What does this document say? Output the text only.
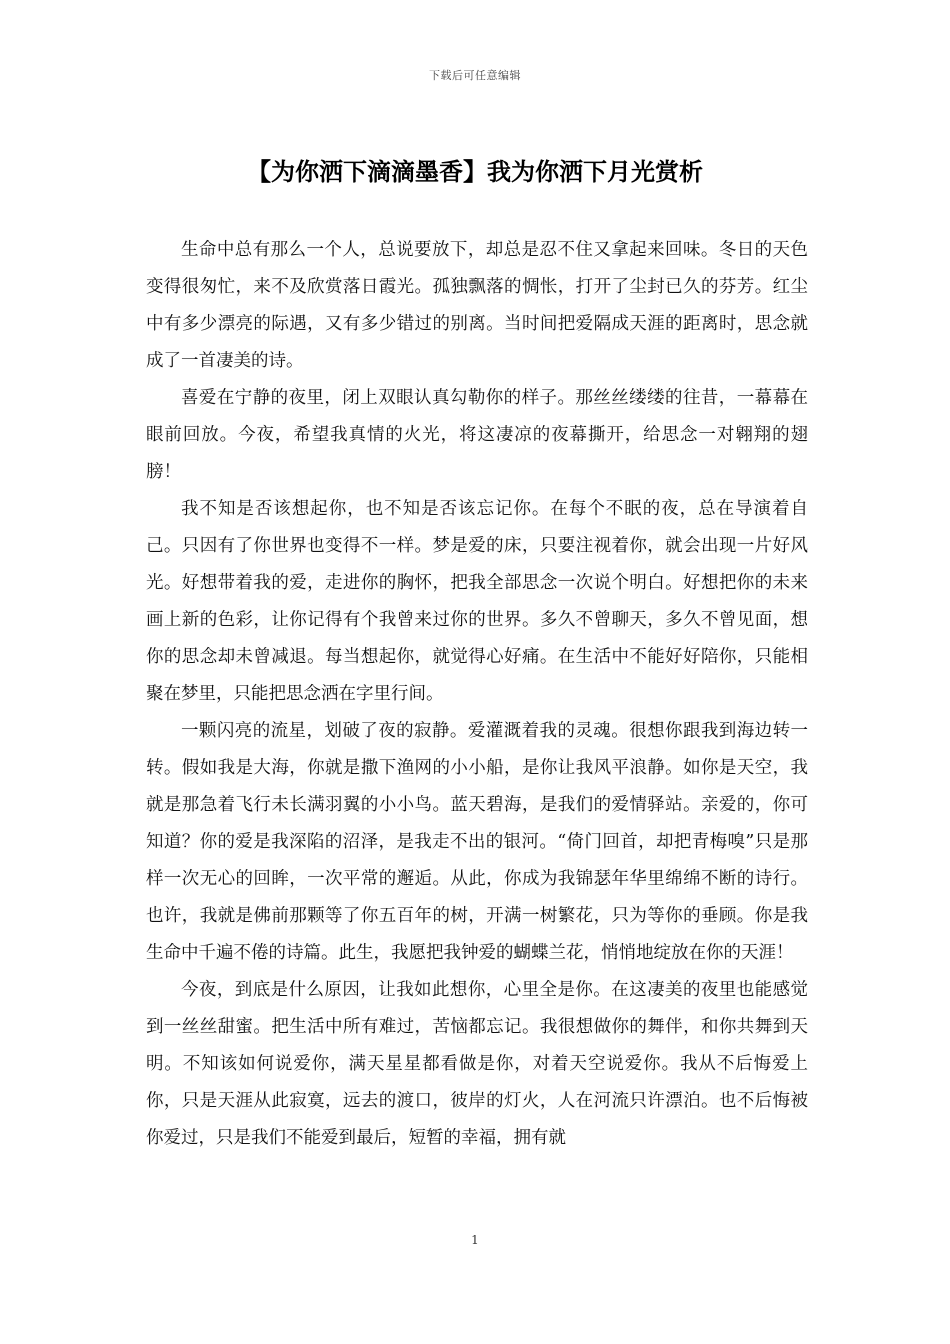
下载后可任意编辑
【为你洒下滴滴墨香】我为你洒下月光赏析

生命中总有那么一个人，总说要放下，却总是忍不住又拿起来回味。冬日的天色变得很匆忙，来不及欣赏落日霞光。孤独飘落的惆怅，打开了尘封已久的芬芳。红尘中有多少漂亮的际遇，又有多少错过的别离。当时间把爱隔成天涯的距离时，思念就成了一首凄美的诗。

喜爱在宁静的夜里，闭上双眼认真勾勒你的样子。那丝丝缕缕的往昔，一幕幕在眼前回放。今夜，希望我真情的火光，将这凄凉的夜幕撕开，给思念一对翱翔的翅膀！

我不知是否该想起你，也不知是否该忘记你。在每个不眠的夜，总在导演着自己。只因有了你世界也变得不一样。梦是爱的床，只要注视着你，就会出现一片好风光。好想带着我的爱，走进你的胸怀，把我全部思念一次说个明白。好想把你的未来画上新的色彩，让你记得有个我曾来过你的世界。多久不曾聊天，多久不曾见面，想你的思念却未曾减退。每当想起你，就觉得心好痛。在生活中不能好好陪你，只能相聚在梦里，只能把思念洒在字里行间。

一颗闪亮的流星，划破了夜的寂静。爱灌溉着我的灵魂。很想你跟我到海边转一转。假如我是大海，你就是撒下渔网的小小船，是你让我风平浪静。如你是天空，我就是那急着飞行未长满羽翼的小小鸟。蓝天碧海，是我们的爱情驿站。亲爱的，你可知道？你的爱是我深陷的沼泽，是我走不出的银河。“倚门回首，却把青梅嗅”只是那样一次无心的回眸，一次平常的邂逅。从此，你成为我锦瑟年华里绵绵不断的诗行。也许，我就是佛前那颗等了你五百年的树，开满一树繁花，只为等你的垂顾。你是我生命中千遍不倦的诗篇。此生，我愿把我钟爱的蝴蝶兰花，悄悄地绽放在你的天涯！

今夜，到底是什么原因，让我如此想你，心里全是你。在这凄美的夜里也能感觉到一丝丝甜蜜。把生活中所有难过，苦恼都忘记。我很想做你的舞伴，和你共舞到天明。不知该如何说爱你，满天星星都看做是你，对着天空说爱你。我从不后悔爱上你，只是天涯从此寂寞，远去的渡口，彼岸的灯火，人在河流只许漂泊。也不后悔被你爱过，只是我们不能爱到最后，短暂的幸福，拥有就

1
